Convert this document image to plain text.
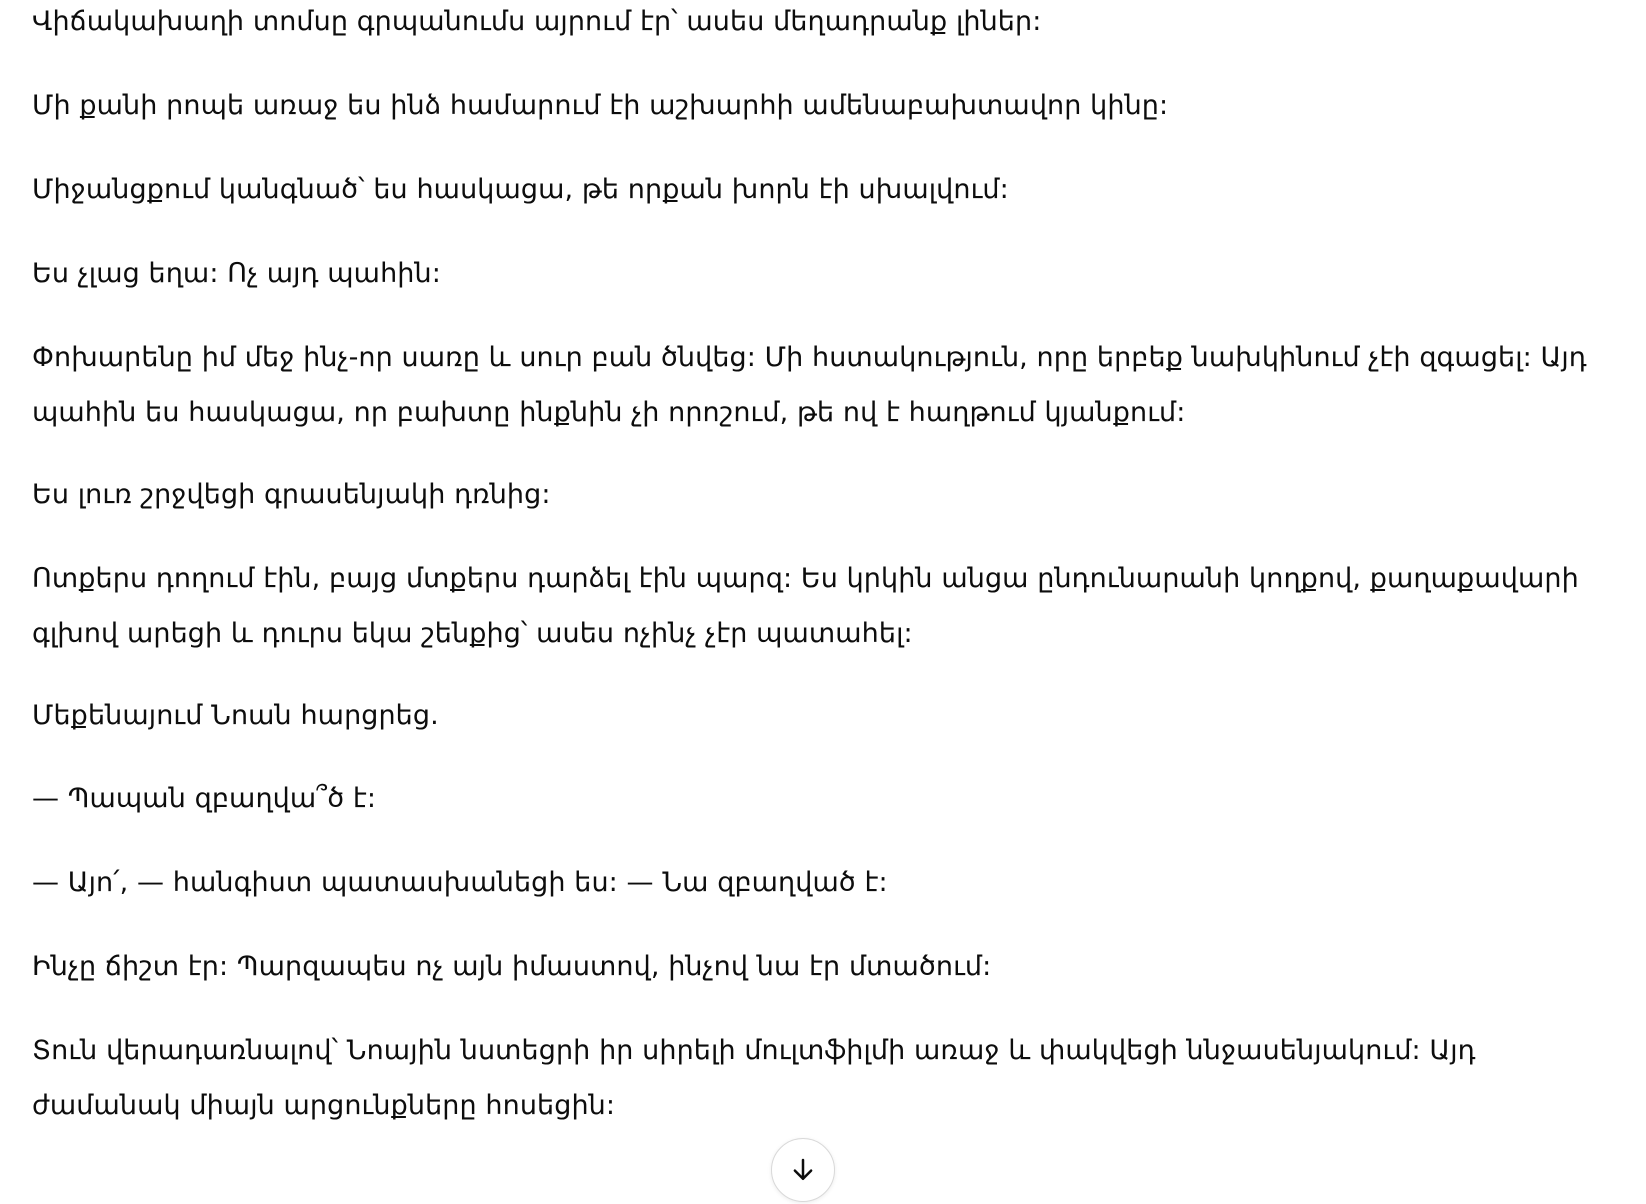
Վիճակախաղի տոմսը գրպանումս այրում էր՝ ասես մեղադրանք լիներ:

Մի քանի րոպե առաջ ես ինձ համարում էի աշխարհի ամենաբախտավոր կինը:

Միջանցքում կանգնած՝ ես հասկացա, թե որքան խորն էի սխալվում:

Ես չլաց եղա: Ոչ այդ պահին:

Փոխարենը իմ մեջ ինչ-որ սառը և սուր բան ծնվեց: Մի հստակություն, որը երբեք նախկինում չէի զգացել: Այդ պահին ես հասկացա, որ բախտը ինքնին չի որոշում, թե ով է հաղթում կյանքում:

Ես լուռ շրջվեցի գրասենյակի դռնից:

Ոտքերս դողում էին, բայց մտքերս դարձել էին պարզ: Ես կրկին անցա ընդունարանի կողքով, քաղաքավարի գլխով արեցի և դուրս եկա շենքից՝ ասես ոչինչ չէր պատահել:

Մեքենայում Նոան հարցրեց.

— Պապան զբաղվա՞ծ է:

— Այո՛, — հանգիստ պատասխանեցի ես: — Նա զբաղված է:

Ինչը ճիշտ էր: Պարզապես ոչ այն իմաստով, ինչով նա էր մտածում:

Տուն վերադառնալով՝ Նոային նստեցրի իր սիրելի մուլտֆիլմի առաջ և փակվեցի ննջասենյակում: Այդ ժամանակ միայն արցունքները հոսեցին:
